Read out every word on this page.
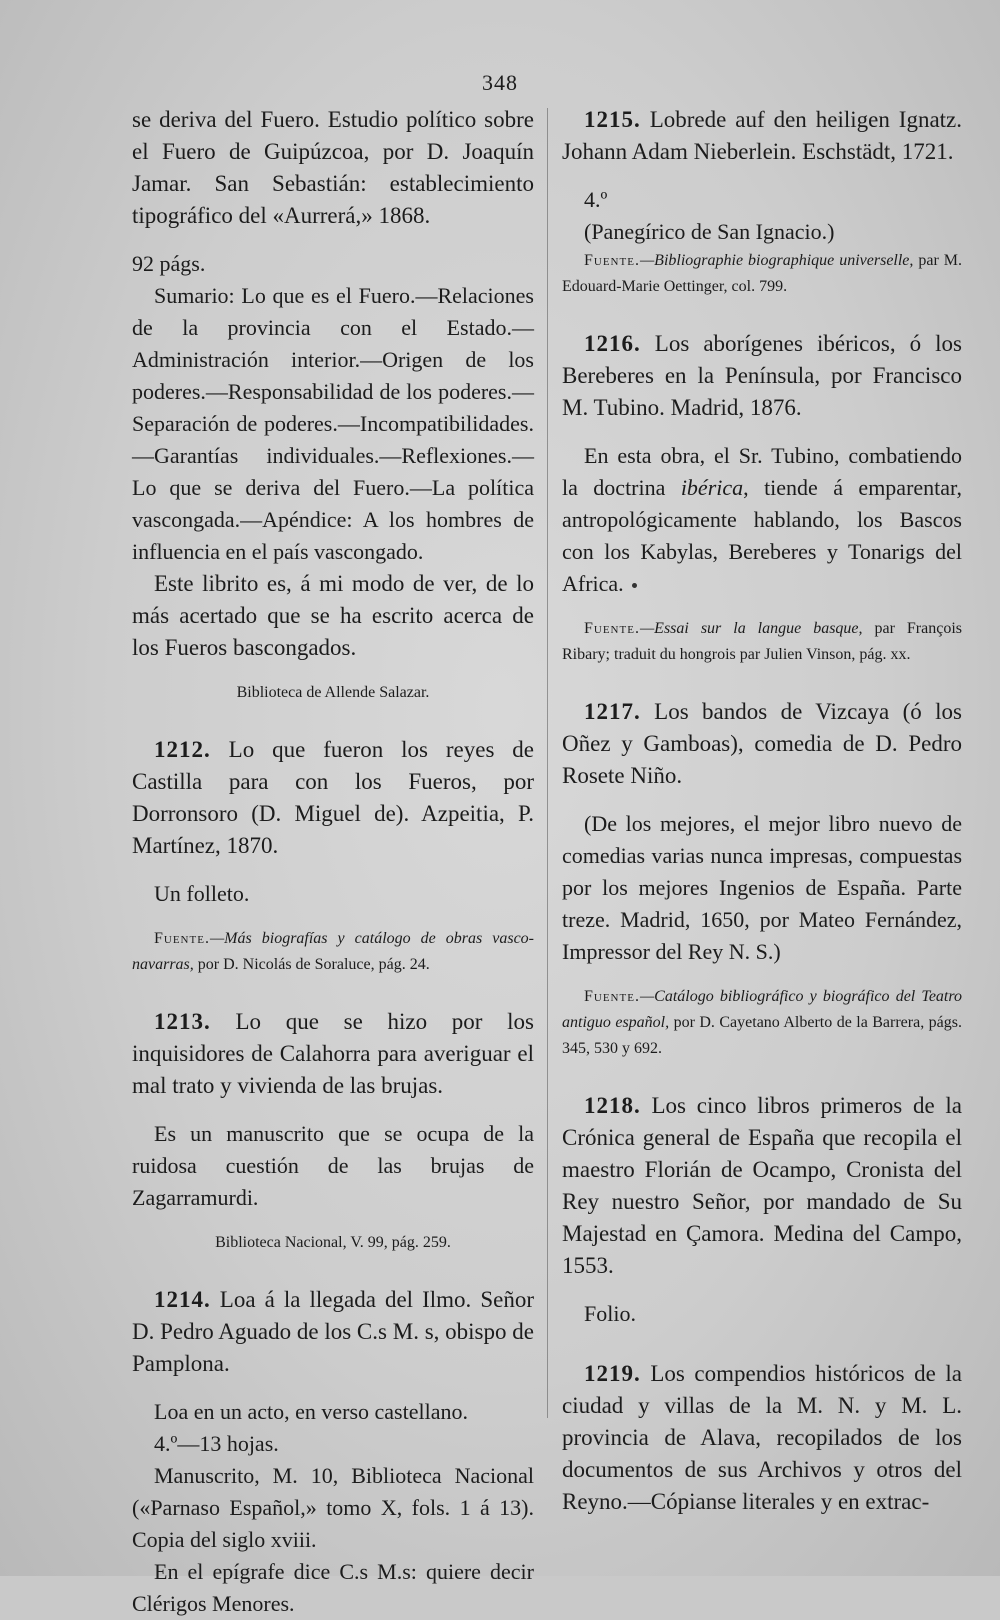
348

se deriva del Fuero. Estudio político sobre el Fuero de Guipúzcoa, por D. Joaquín Jamar. San Sebastián: establecimiento tipográfico del «Aurrerá,» 1868.

92 págs.

Sumario: Lo que es el Fuero.—Relaciones de la provincia con el Estado.—Administración interior.—Origen de los poderes.—Responsabilidad de los poderes.—Separación de poderes.—Incompatibilidades.—Garantías individuales.—Reflexiones.—Lo que se deriva del Fuero.—La política vascongada.—Apéndice: A los hombres de influencia en el país vascongado.

Este librito es, á mi modo de ver, de lo más acertado que se ha escrito acerca de los Fueros bascongados.

Biblioteca de Allende Salazar.

1212. Lo que fueron los reyes de Castilla para con los Fueros, por Dorronsoro (D. Miguel de). Azpeitia, P. Martínez, 1870.

Un folleto.

Fuente.—Más biografías y catálogo de obras vasco-navarras, por D. Nicolás de Soraluce, pág. 24.

1213. Lo que se hizo por los inquisidores de Calahorra para averiguar el mal trato y vivienda de las brujas.

Es un manuscrito que se ocupa de la ruidosa cuestión de las brujas de Zagarramurdi.

Biblioteca Nacional, V. 99, pág. 259.

1214. Loa á la llegada del Ilmo. Señor D. Pedro Aguado de los C.s M. s, obispo de Pamplona.

Loa en un acto, en verso castellano.

4.º—13 hojas.

Manuscrito, M. 10, Biblioteca Nacional («Parnaso Español,» tomo X, fols. 1 á 13). Copia del siglo xviii.

En el epígrafe dice C.s M.s: quiere decir Clérigos Menores.

1215. Lobrede auf den heiligen Ignatz. Johann Adam Nieberlein. Eschstädt, 1721.

4.º

(Panegírico de San Ignacio.)

Fuente.—Bibliographie biographique universelle, par M. Edouard-Marie Oettinger, col. 799.

1216. Los aborígenes ibéricos, ó los Bereberes en la Península, por Francisco M. Tubino. Madrid, 1876.

En esta obra, el Sr. Tubino, combatiendo la doctrina ibérica, tiende á emparentar, antropológicamente hablando, los Bascos con los Kabylas, Bereberes y Tonarigs del Africa.

Fuente.—Essai sur la langue basque, par François Ribary; traduit du hongrois par Julien Vinson, pág. xx.

1217. Los bandos de Vizcaya (ó los Oñez y Gamboas), comedia de D. Pedro Rosete Niño.

(De los mejores, el mejor libro nuevo de comedias varias nunca impresas, compuestas por los mejores Ingenios de España. Parte treze. Madrid, 1650, por Mateo Fernández, Impressor del Rey N. S.)

Fuente.—Catálogo bibliográfico y biográfico del Teatro antiguo español, por D. Cayetano Alberto de la Barrera, págs. 345, 530 y 692.

1218. Los cinco libros primeros de la Crónica general de España que recopila el maestro Florián de Ocampo, Cronista del Rey nuestro Señor, por mandado de Su Majestad en Çamora. Medina del Campo, 1553.

Folio.

1219. Los compendios históricos de la ciudad y villas de la M. N. y M. L. provincia de Alava, recopilados de los documentos de sus Archivos y otros del Reyno.—Cópianse literales y en extrac-
